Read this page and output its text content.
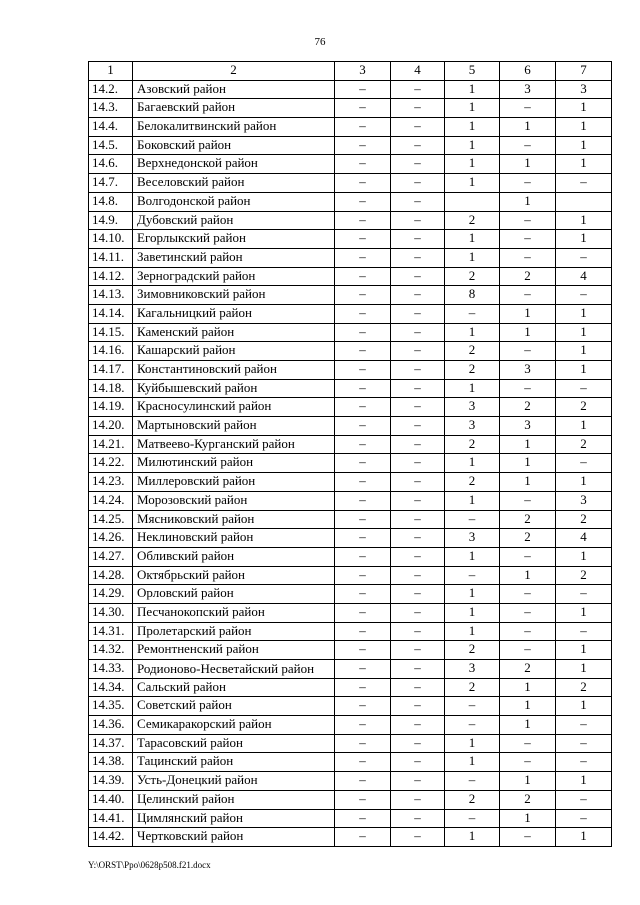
76
1	2	3	4	5	6	7
14.2.	Азовский район	–	–	1	3	3
14.3.	Багаевский район	–	–	1	–	1
14.4.	Белокалитвинский район	–	–	1	1	1
14.5.	Боковский район	–	–	1	–	1
14.6.	Верхнедонской район	–	–	1	1	1
14.7.	Веселовский район	–	–	1	–	–
14.8.	Волгодонской район	–	–		1	
14.9.	Дубовский район	–	–	2	–	1
14.10.	Егорлыкский район	–	–	1	–	1
14.11.	Заветинский район	–	–	1	–	–
14.12.	Зерноградский район	–	–	2	2	4
14.13.	Зимовниковский район	–	–	8	–	–
14.14.	Кагальницкий район	–	–	–	1	1
14.15.	Каменский район	–	–	1	1	1
14.16.	Кашарский район	–	–	2	–	1
14.17.	Константиновский район	–	–	2	3	1
14.18.	Куйбышевский район	–	–	1	–	–
14.19.	Красносулинский район	–	–	3	2	2
14.20.	Мартыновский район	–	–	3	3	1
14.21.	Матвеево-Курганский район	–	–	2	1	2
14.22.	Милютинский район	–	–	1	1	–
14.23.	Миллеровский район	–	–	2	1	1
14.24.	Морозовский район	–	–	1	–	3
14.25.	Мясниковский район	–	–	–	2	2
14.26.	Неклиновский район	–	–	3	2	4
14.27.	Обливский район	–	–	1	–	1
14.28.	Октябрьский район	–	–	–	1	2
14.29.	Орловский район	–	–	1	–	–
14.30.	Песчанокопский район	–	–	1	–	1
14.31.	Пролетарский район	–	–	1	–	–
14.32.	Ремонтненский район	–	–	2	–	1
14.33.	Родионово-Несветайский район	–	–	3	2	1
14.34.	Сальский район	–	–	2	1	2
14.35.	Советский район	–	–	–	1	1
14.36.	Семикаракорский район	–	–	–	1	–
14.37.	Тарасовский район	–	–	1	–	–
14.38.	Тацинский район	–	–	1	–	–
14.39.	Усть-Донецкий район	–	–	–	1	1
14.40.	Целинский район	–	–	2	2	–
14.41.	Цимлянский район	–	–	–	1	–
14.42.	Чертковский район	–	–	1	–	1
Y:\ORST\Ppo\0628p508.f21.docx
